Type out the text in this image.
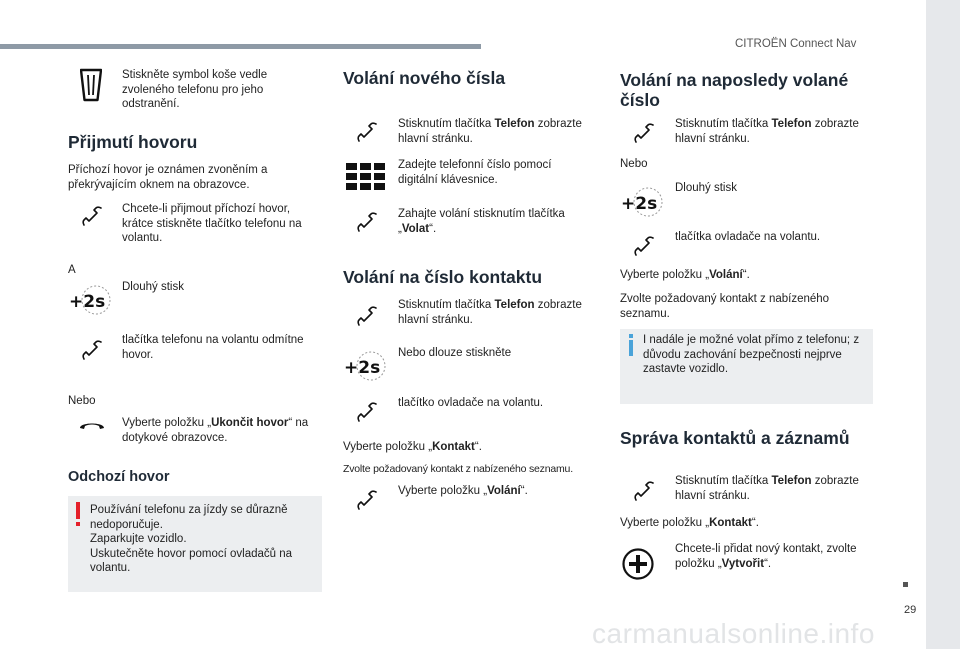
CITROËN Connect Nav
29
carmanualsonline.info
Stiskněte symbol koše vedle zvoleného telefonu pro jeho odstranění.
Přijmutí hovoru
Příchozí hovor je oznámen zvoněním a překrývajícím oknem na obrazovce.
Chcete-li přijmout příchozí hovor, krátce stiskněte tlačítko telefonu na volantu.
A
+2s
Dlouhý stisk
tlačítka telefonu na volantu odmítne hovor.
Nebo
Vyberte položku „Ukončit hovor“ na dotykové obrazovce.
Odchozí hovor
Používání telefonu za jízdy se důrazně nedoporučuje.
Zaparkujte vozidlo.
Uskutečněte hovor pomocí ovladačů na volantu.
Volání nového čísla
Stisknutím tlačítka Telefon zobrazte hlavní stránku.
Zadejte telefonní číslo pomocí digitální klávesnice.
Zahajte volání stisknutím tlačítka „Volat“.
Volání na číslo kontaktu
Stisknutím tlačítka Telefon zobrazte hlavní stránku.
+2s
Nebo dlouze stiskněte
tlačítko ovladače na volantu.
Vyberte položku „Kontakt“.
Zvolte požadovaný kontakt z nabízeného seznamu.
Vyberte položku „Volání“.
Volání na naposledy volané číslo
Stisknutím tlačítka Telefon zobrazte hlavní stránku.
Nebo
+2s
Dlouhý stisk
tlačítka ovladače na volantu.
Vyberte položku „Volání“.
Zvolte požadovaný kontakt z nabízeného seznamu.
I nadále je možné volat přímo z telefonu; z důvodu zachování bezpečnosti nejprve zastavte vozidlo.
Správa kontaktů a záznamů
Stisknutím tlačítka Telefon zobrazte hlavní stránku.
Vyberte položku „Kontakt“.
Chcete-li přidat nový kontakt, zvolte položku „Vytvořit“.
